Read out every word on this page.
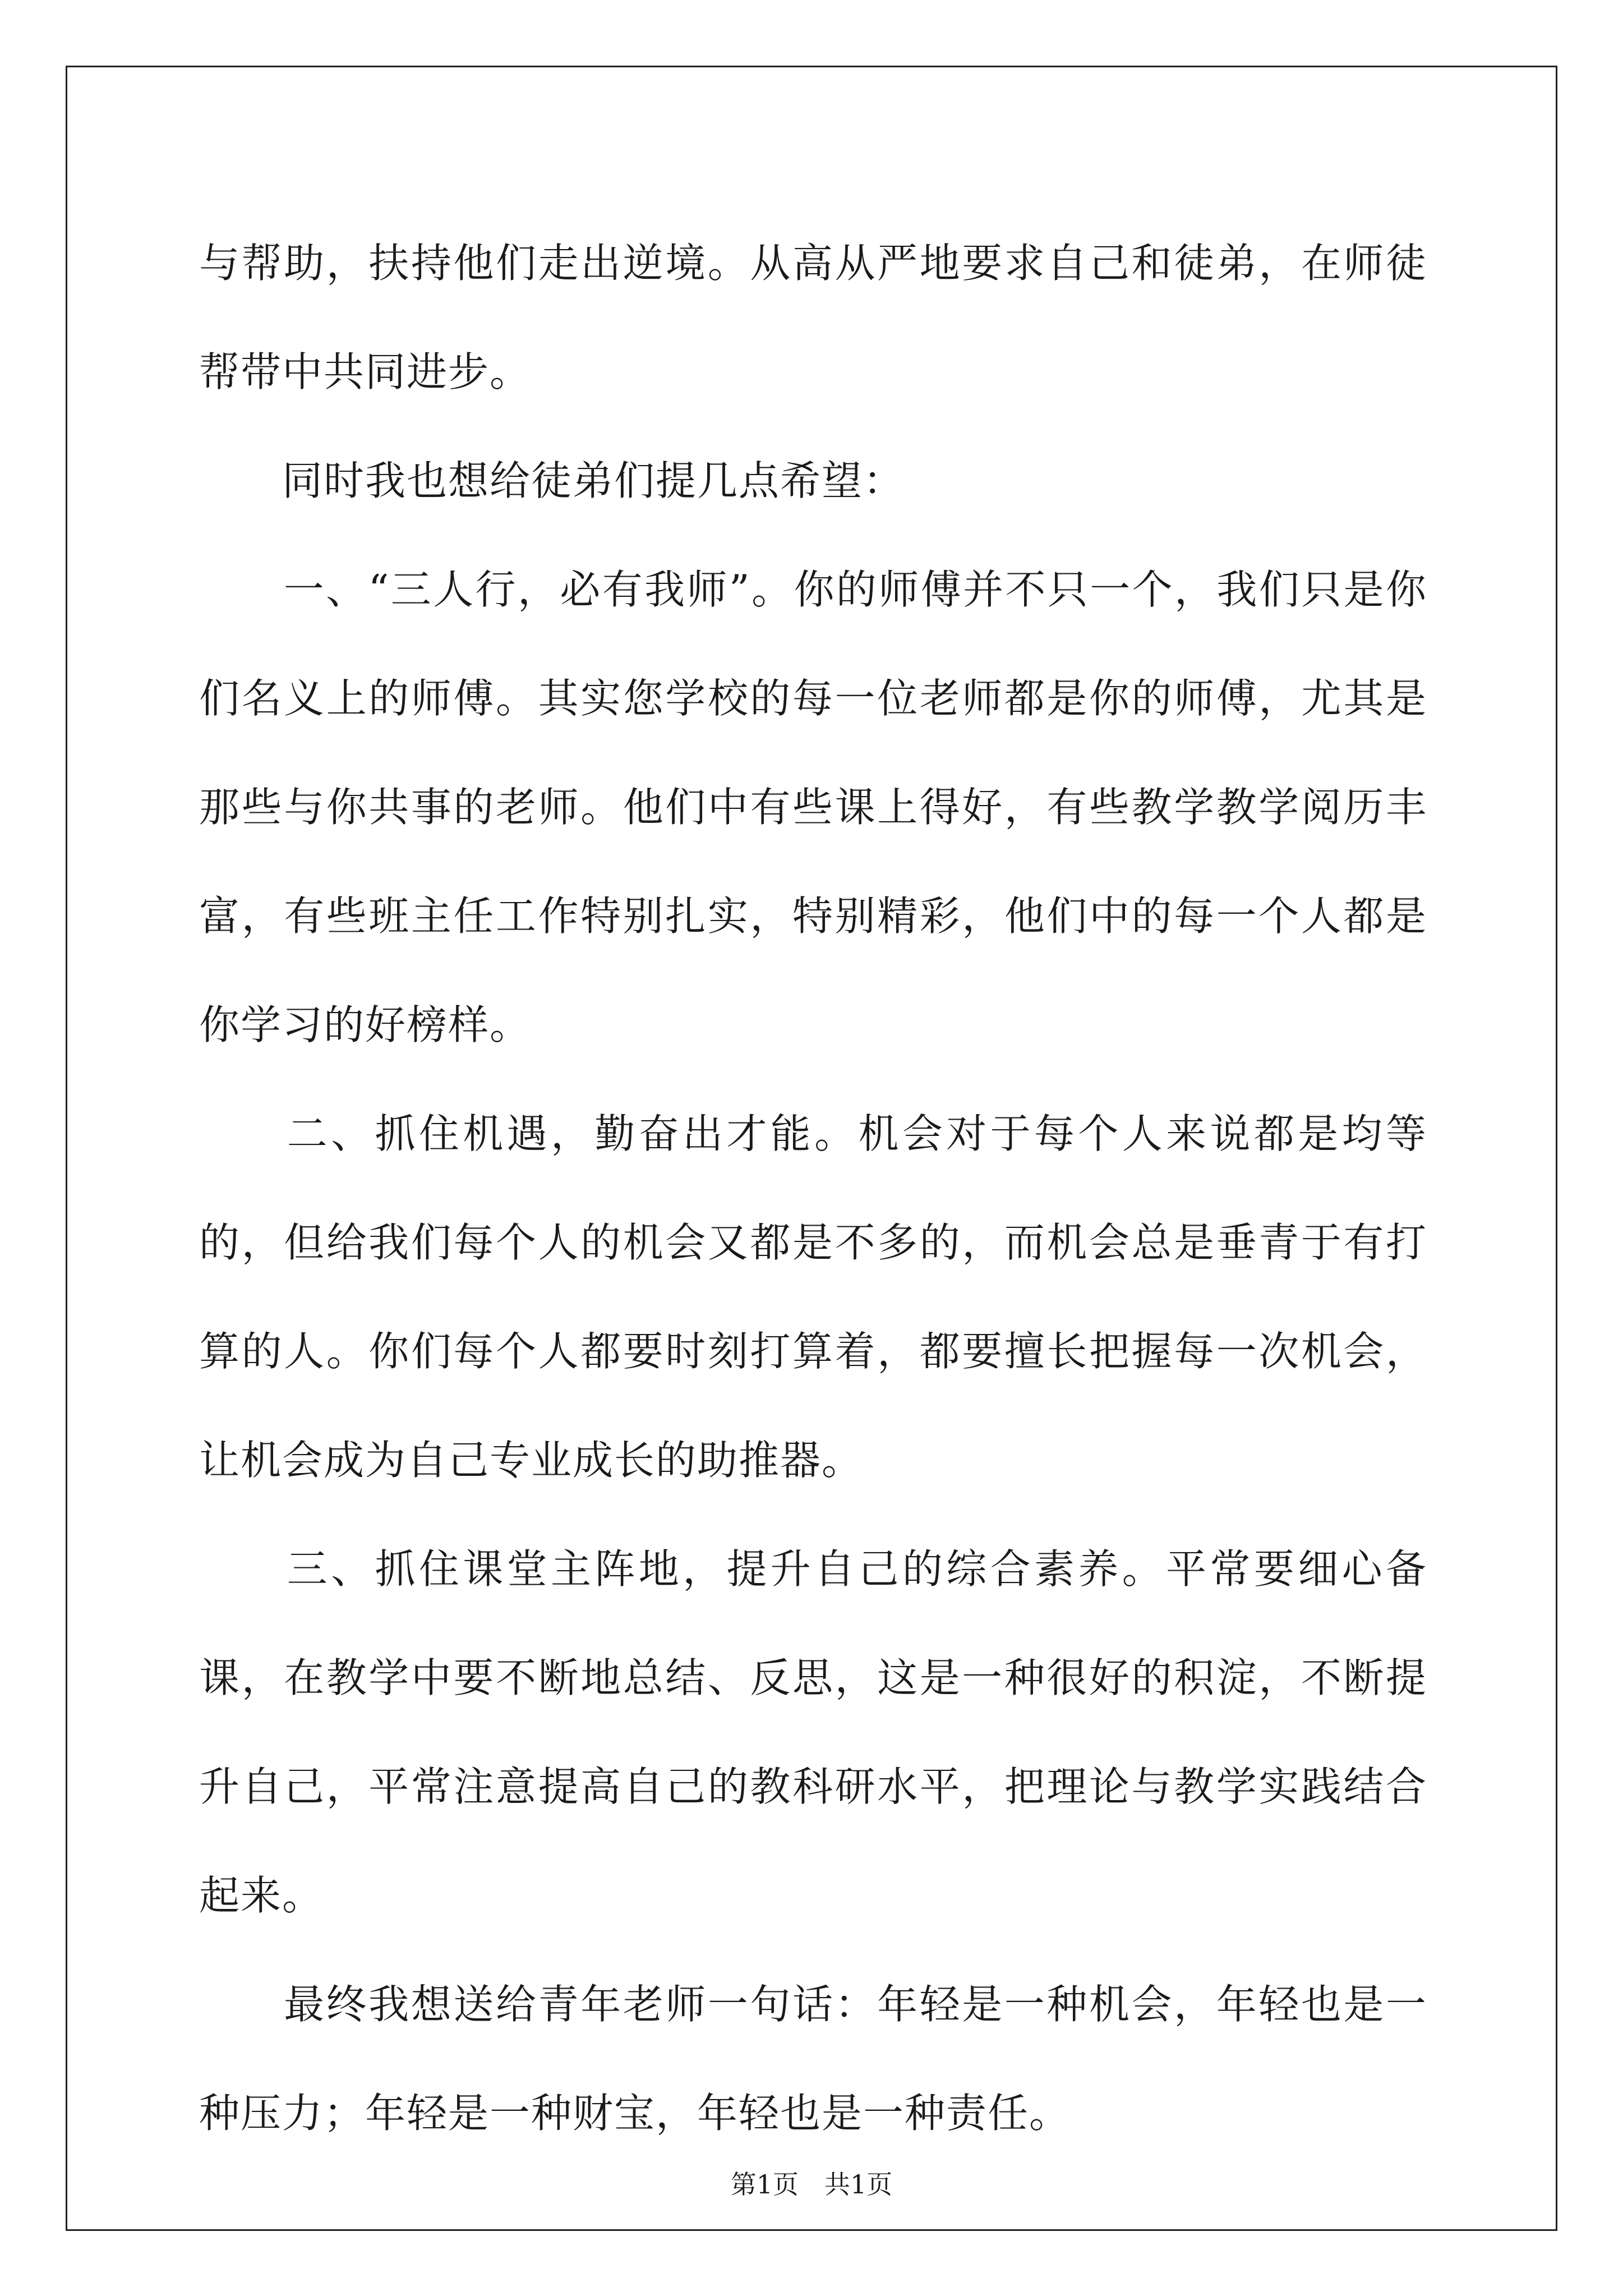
与帮助，扶持他们走出逆境。从高从严地要求自己和徒弟，在师徒帮带中共同进步。

　　同时我也想给徒弟们提几点希望：

　　一、“三人行，必有我师”。你的师傅并不只一个，我们只是你们名义上的师傅。其实您学校的每一位老师都是你的师傅，尤其是那些与你共事的老师。他们中有些课上得好，有些教学教学阅历丰富，有些班主任工作特别扎实，特别精彩，他们中的每一个人都是你学习的好榜样。

　　二、抓住机遇，勤奋出才能。机会对于每个人来说都是均等的，但给我们每个人的机会又都是不多的，而机会总是垂青于有打算的人。你们每个人都要时刻打算着，都要擅长把握每一次机会，让机会成为自己专业成长的助推器。

　　三、抓住课堂主阵地，提升自己的综合素养。平常要细心备课，在教学中要不断地总结、反思，这是一种很好的积淀，不断提升自己，平常注意提高自己的教科研水平，把理论与教学实践结合起来。

　　最终我想送给青年老师一句话：年轻是一种机会，年轻也是一种压力；年轻是一种财宝，年轻也是一种责任。

第1页　共1页
